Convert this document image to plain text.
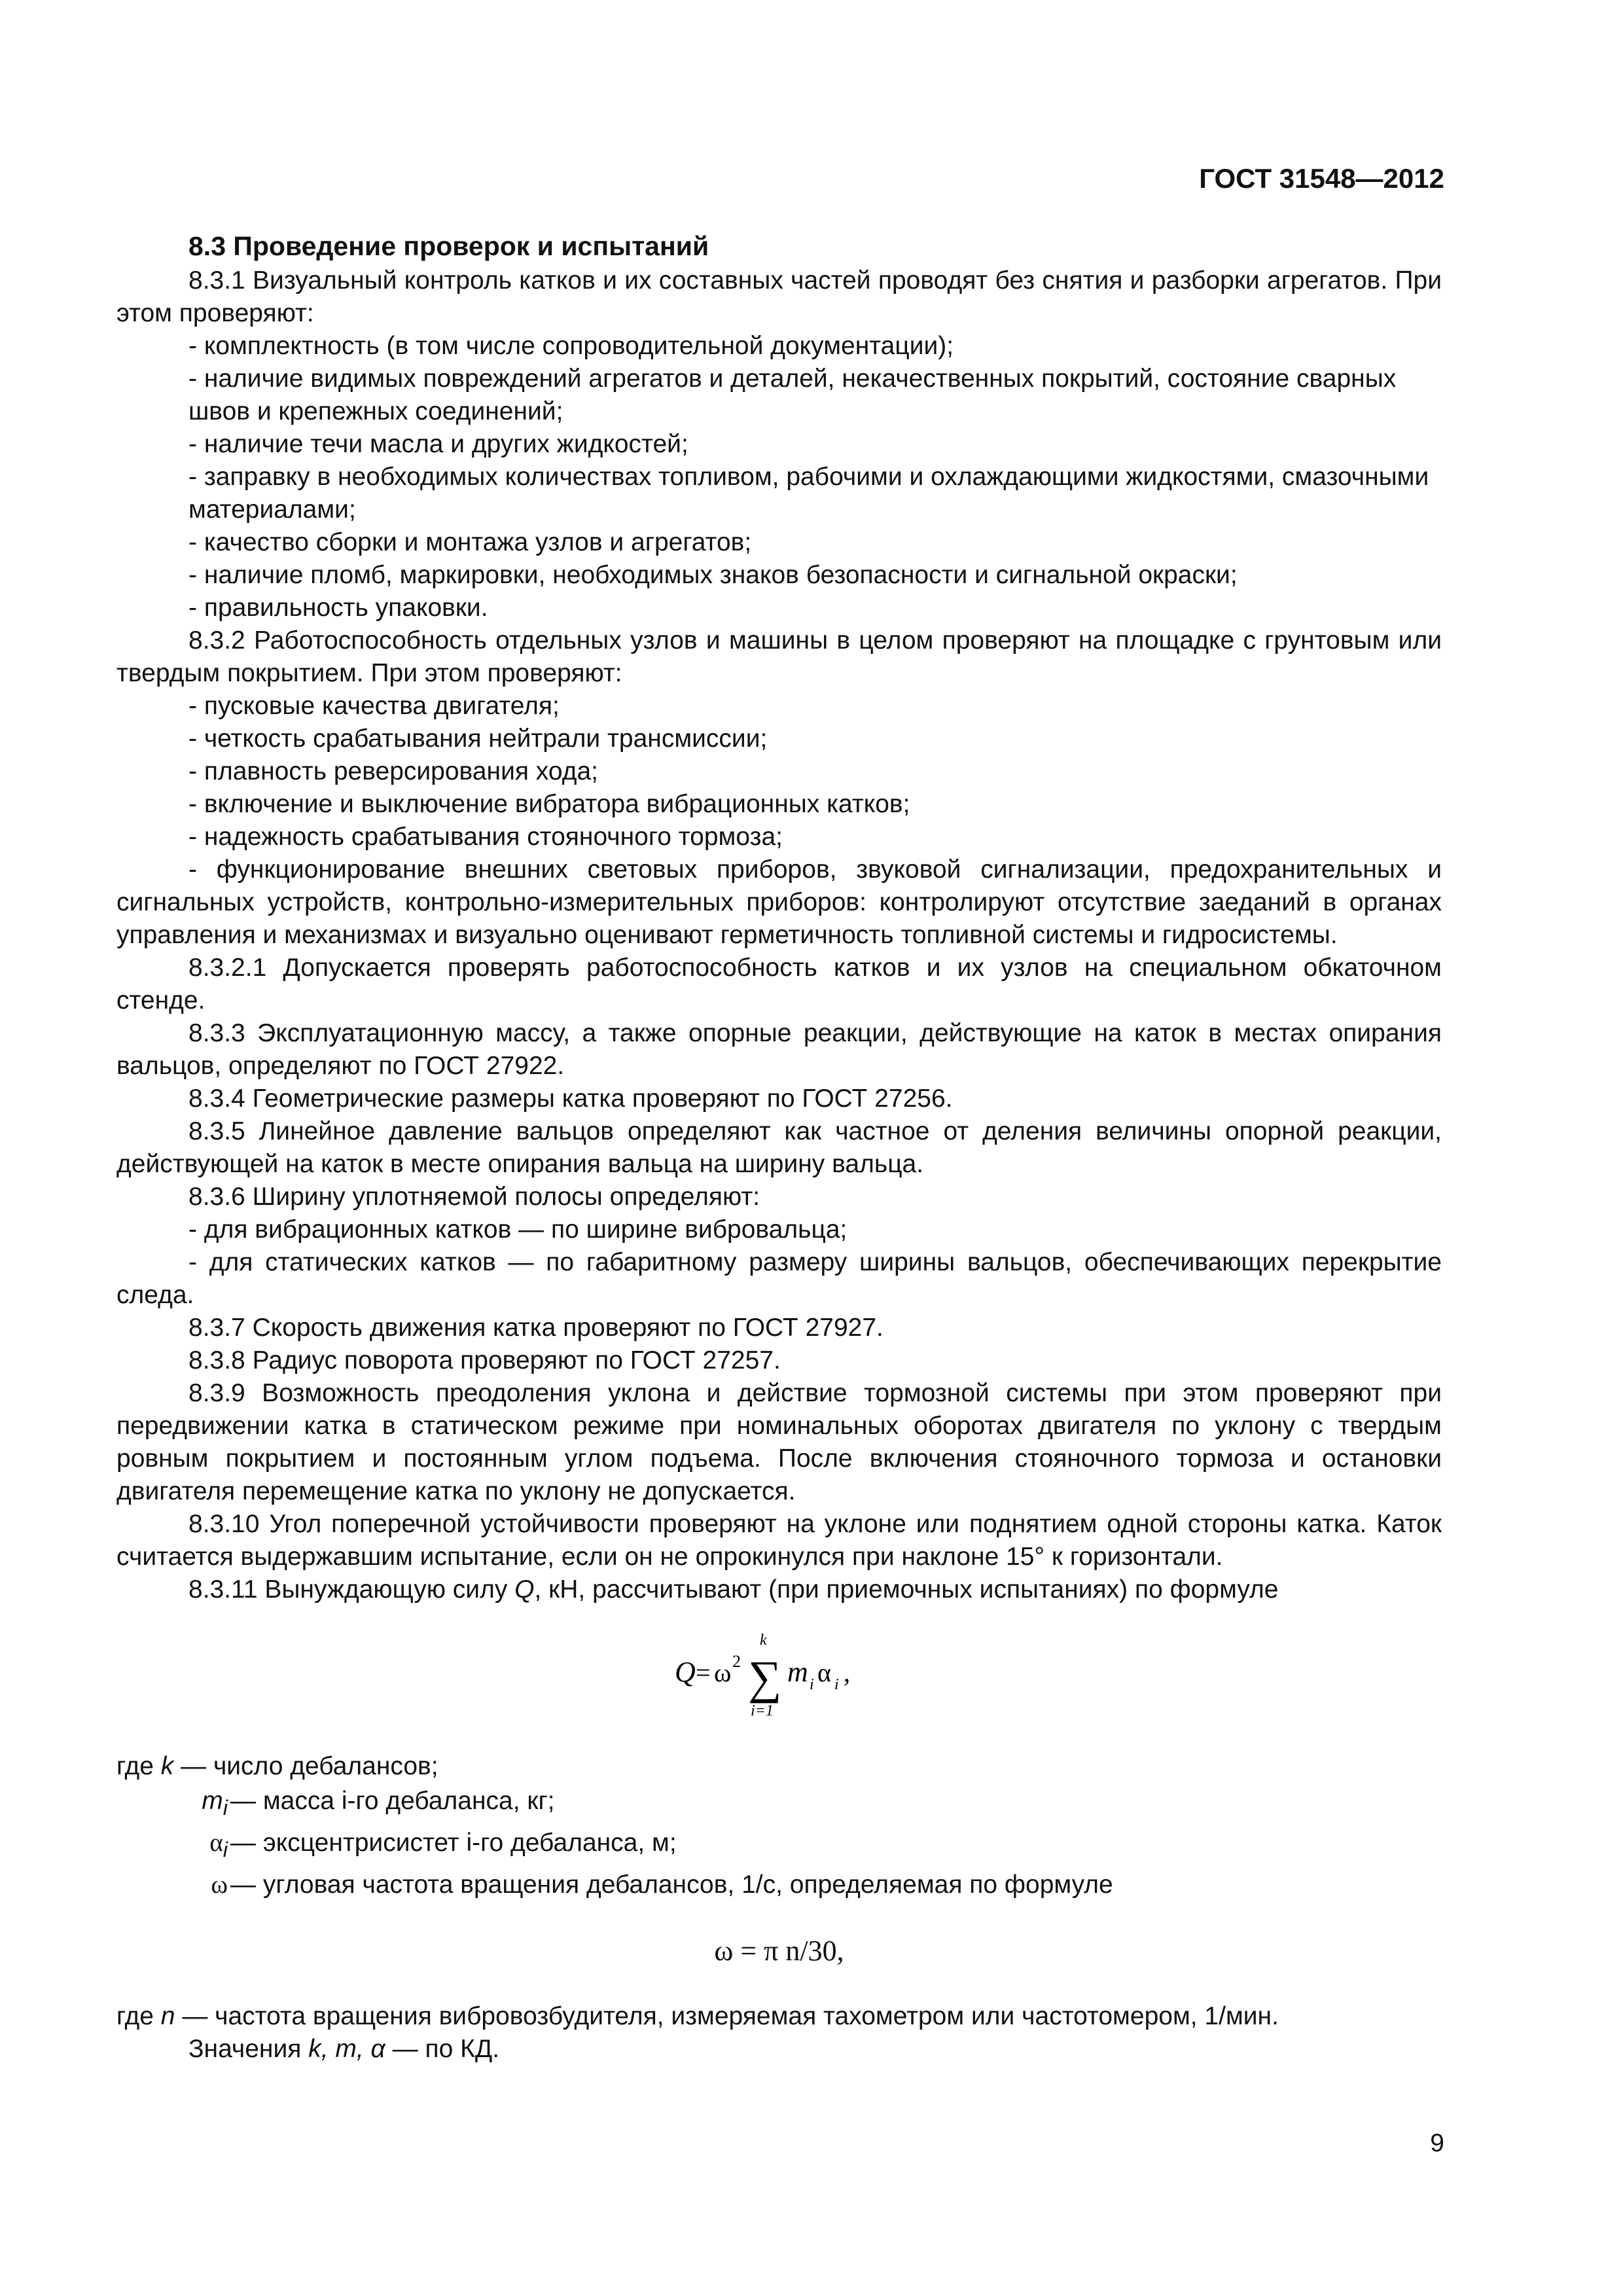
ГОСТ 31548—2012
8.3 Проведение проверок и испытаний

8.3.1 Визуальный контроль катков и их составных частей проводят без снятия и разборки агрегатов. При этом проверяют:

- комплектность (в том числе сопроводительной документации);

- наличие видимых повреждений агрегатов и деталей, некачественных покрытий, состояние сварных швов и крепежных соединений;

- наличие течи масла и других жидкостей;

- заправку в необходимых количествах топливом, рабочими и охлаждающими жидкостями, смазочными материалами;

- качество сборки и монтажа узлов и агрегатов;

- наличие пломб, маркировки, необходимых знаков безопасности и сигнальной окраски;

- правильность упаковки.

8.3.2 Работоспособность отдельных узлов и машины в целом проверяют на площадке с грунтовым или твердым покрытием. При этом проверяют:

- пусковые качества двигателя;

- четкость срабатывания нейтрали трансмиссии;

- плавность реверсирования хода;

- включение и выключение вибратора вибрационных катков;

- надежность срабатывания стояночного тормоза;

- функционирование внешних световых приборов, звуковой сигнализации, предохранительных и сигнальных устройств, контрольно-измерительных приборов: контролируют отсутствие заеданий в органах управления и механизмах и визуально оценивают герметичность топливной системы и гидросистемы.

8.3.2.1 Допускается проверять работоспособность катков и их узлов на специальном обкаточном стенде.

8.3.3 Эксплуатационную массу, а также опорные реакции, действующие на каток в местах опирания вальцов, определяют по ГОСТ 27922.

8.3.4 Геометрические размеры катка проверяют по ГОСТ 27256.

8.3.5 Линейное давление вальцов определяют как частное от деления величины опорной реакции, действующей на каток в месте опирания вальца на ширину вальца.

8.3.6 Ширину уплотняемой полосы определяют:

- для вибрационных катков — по ширине вибровальца;

- для статических катков — по габаритному размеру ширины вальцов, обеспечивающих перекрытие следа.

8.3.7 Скорость движения катка проверяют по ГОСТ 27927.

8.3.8 Радиус поворота проверяют по ГОСТ 27257.

8.3.9 Возможность преодоления уклона и действие тормозной системы при этом проверяют при передвижении катка в статическом режиме при номинальных оборотах двигателя по уклону с твердым ровным покрытием и постоянным углом подъема. После включения стояночного тормоза и остановки двигателя перемещение катка по уклону не допускается.

8.3.10 Угол поперечной устойчивости проверяют на уклоне или поднятием одной стороны катка. Каток считается выдержавшим испытание, если он не опрокинулся при наклоне 15° к горизонтали.

8.3.11 Вынуждающую силу Q, кН, рассчитывают (при приемочных испытаниях) по формуле

Q = ω 2 ∑
k
i=1
m i α i ,
где
k
— число дебалансов;
$m_i$ — масса i-го дебаланса, кг;
$\alpha_i$ — эксцентрисистет i-го дебаланса, м;
ω — угловая частота вращения дебалансов, 1/с, определяемая по формуле
ω = π n/30,

где n — частота вращения вибровозбудителя, измеряемая тахометром или частотомером, 1/мин.

Значения k, m, α — по КД.

9
